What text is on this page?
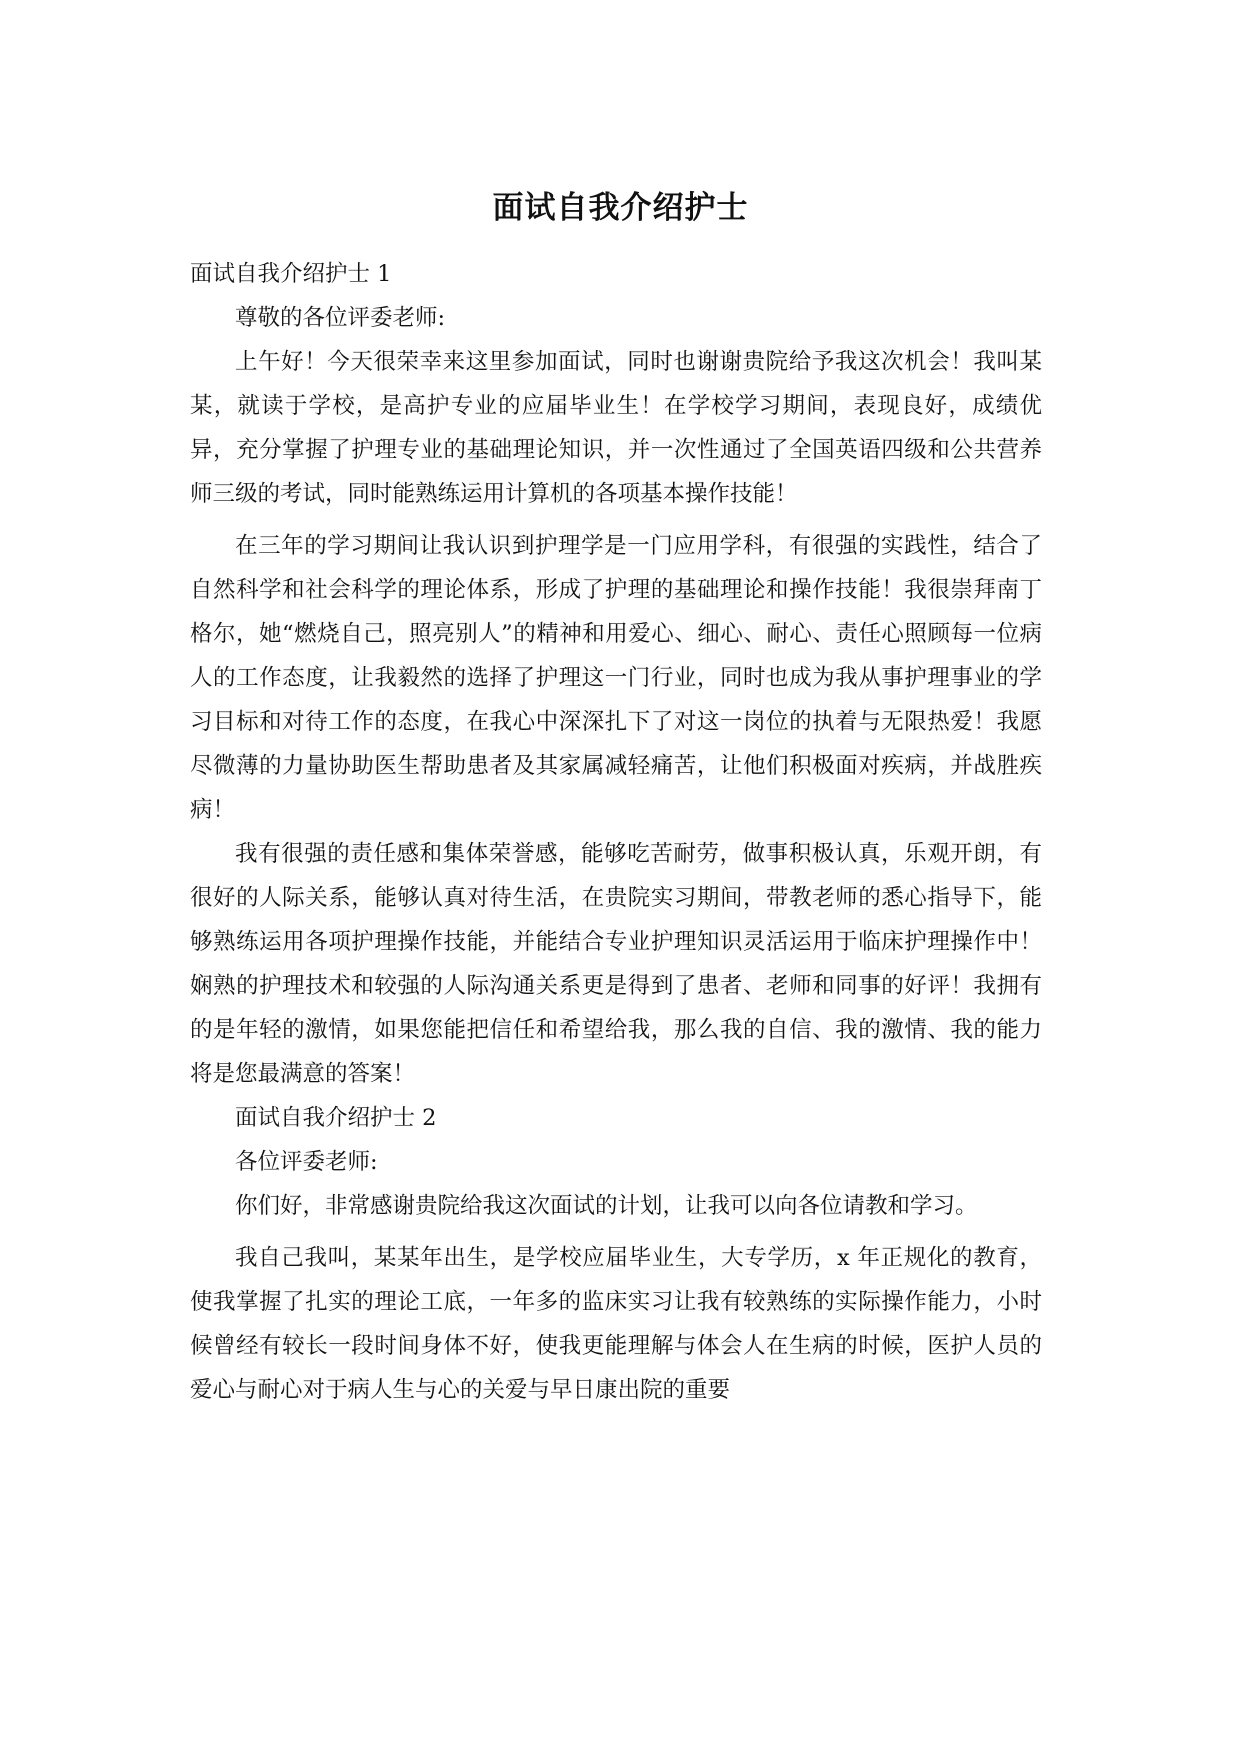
面试自我介绍护士

面试自我介绍护士 1

尊敬的各位评委老师:

上午好！今天很荣幸来这里参加面试，同时也谢谢贵院给予我这次机会！我叫某某，就读于学校，是高护专业的应届毕业生！在学校学习期间，表现良好，成绩优异，充分掌握了护理专业的基础理论知识，并一次性通过了全国英语四级和公共营养师三级的考试，同时能熟练运用计算机的各项基本操作技能！

在三年的学习期间让我认识到护理学是一门应用学科，有很强的实践性，结合了自然科学和社会科学的理论体系，形成了护理的基础理论和操作技能！我很崇拜南丁格尔，她“燃烧自己，照亮别人”的精神和用爱心、细心、耐心、责任心照顾每一位病人的工作态度，让我毅然的选择了护理这一门行业，同时也成为我从事护理事业的学习目标和对待工作的态度，在我心中深深扎下了对这一岗位的执着与无限热爱！我愿尽微薄的力量协助医生帮助患者及其家属减轻痛苦，让他们积极面对疾病，并战胜疾病！

我有很强的责任感和集体荣誉感，能够吃苦耐劳，做事积极认真，乐观开朗，有很好的人际关系，能够认真对待生活，在贵院实习期间，带教老师的悉心指导下，能够熟练运用各项护理操作技能，并能结合专业护理知识灵活运用于临床护理操作中！娴熟的护理技术和较强的人际沟通关系更是得到了患者、老师和同事的好评！我拥有的是年轻的激情，如果您能把信任和希望给我，那么我的自信、我的激情、我的能力将是您最满意的答案！

面试自我介绍护士 2

各位评委老师:

你们好，非常感谢贵院给我这次面试的计划，让我可以向各位请教和学习。

我自己我叫，某某年出生，是学校应届毕业生，大专学历，x 年正规化的教育，使我掌握了扎实的理论工底，一年多的监床实习让我有较熟练的实际操作能力，小时候曾经有较长一段时间身体不好，使我更能理解与体会人在生病的时候，医护人员的爱心与耐心对于病人生与心的关爱与早日康出院的重要
